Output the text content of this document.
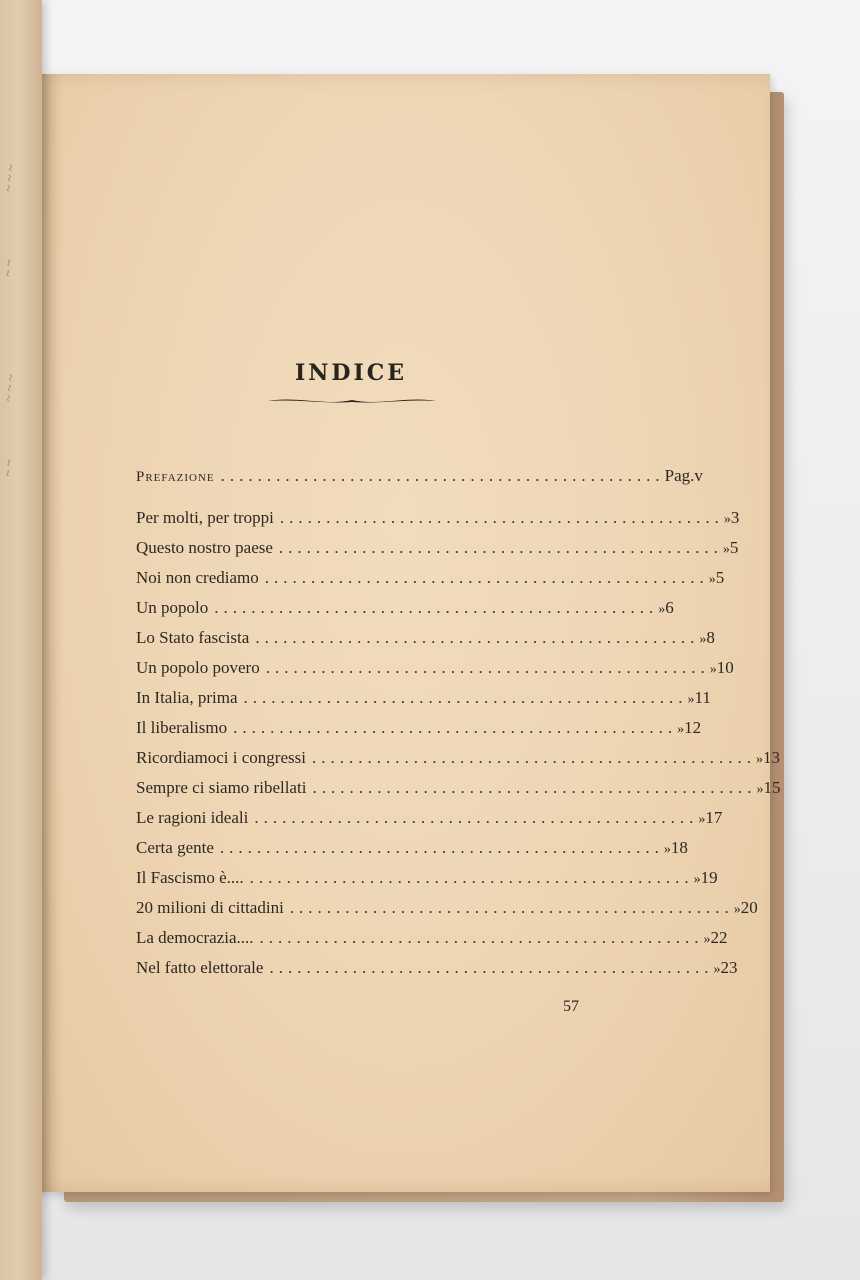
INDICE
Prefazione ................................................ Pag. v
Per molti, per troppi ................................................ » 3
Questo nostro paese ................................................ » 5
Noi non crediamo ................................................ » 5
Un popolo ................................................ » 6
Lo Stato fascista ................................................ » 8
Un popolo povero ................................................ » 10
In Italia, prima ................................................ » 11
Il liberalismo ................................................ » 12
Ricordiamoci i congressi ................................................ » 13
Sempre ci siamo ribellati ................................................ » 15
Le ragioni ideali ................................................ » 17
Certa gente ................................................ » 18
Il Fascismo è.... ................................................ » 19
20 milioni di cittadini ................................................ » 20
La democrazia.... ................................................ » 22
Nel fatto elettorale ................................................ » 23
57
~ ~ ~
~ ~
~ ~ ~
~ ~
